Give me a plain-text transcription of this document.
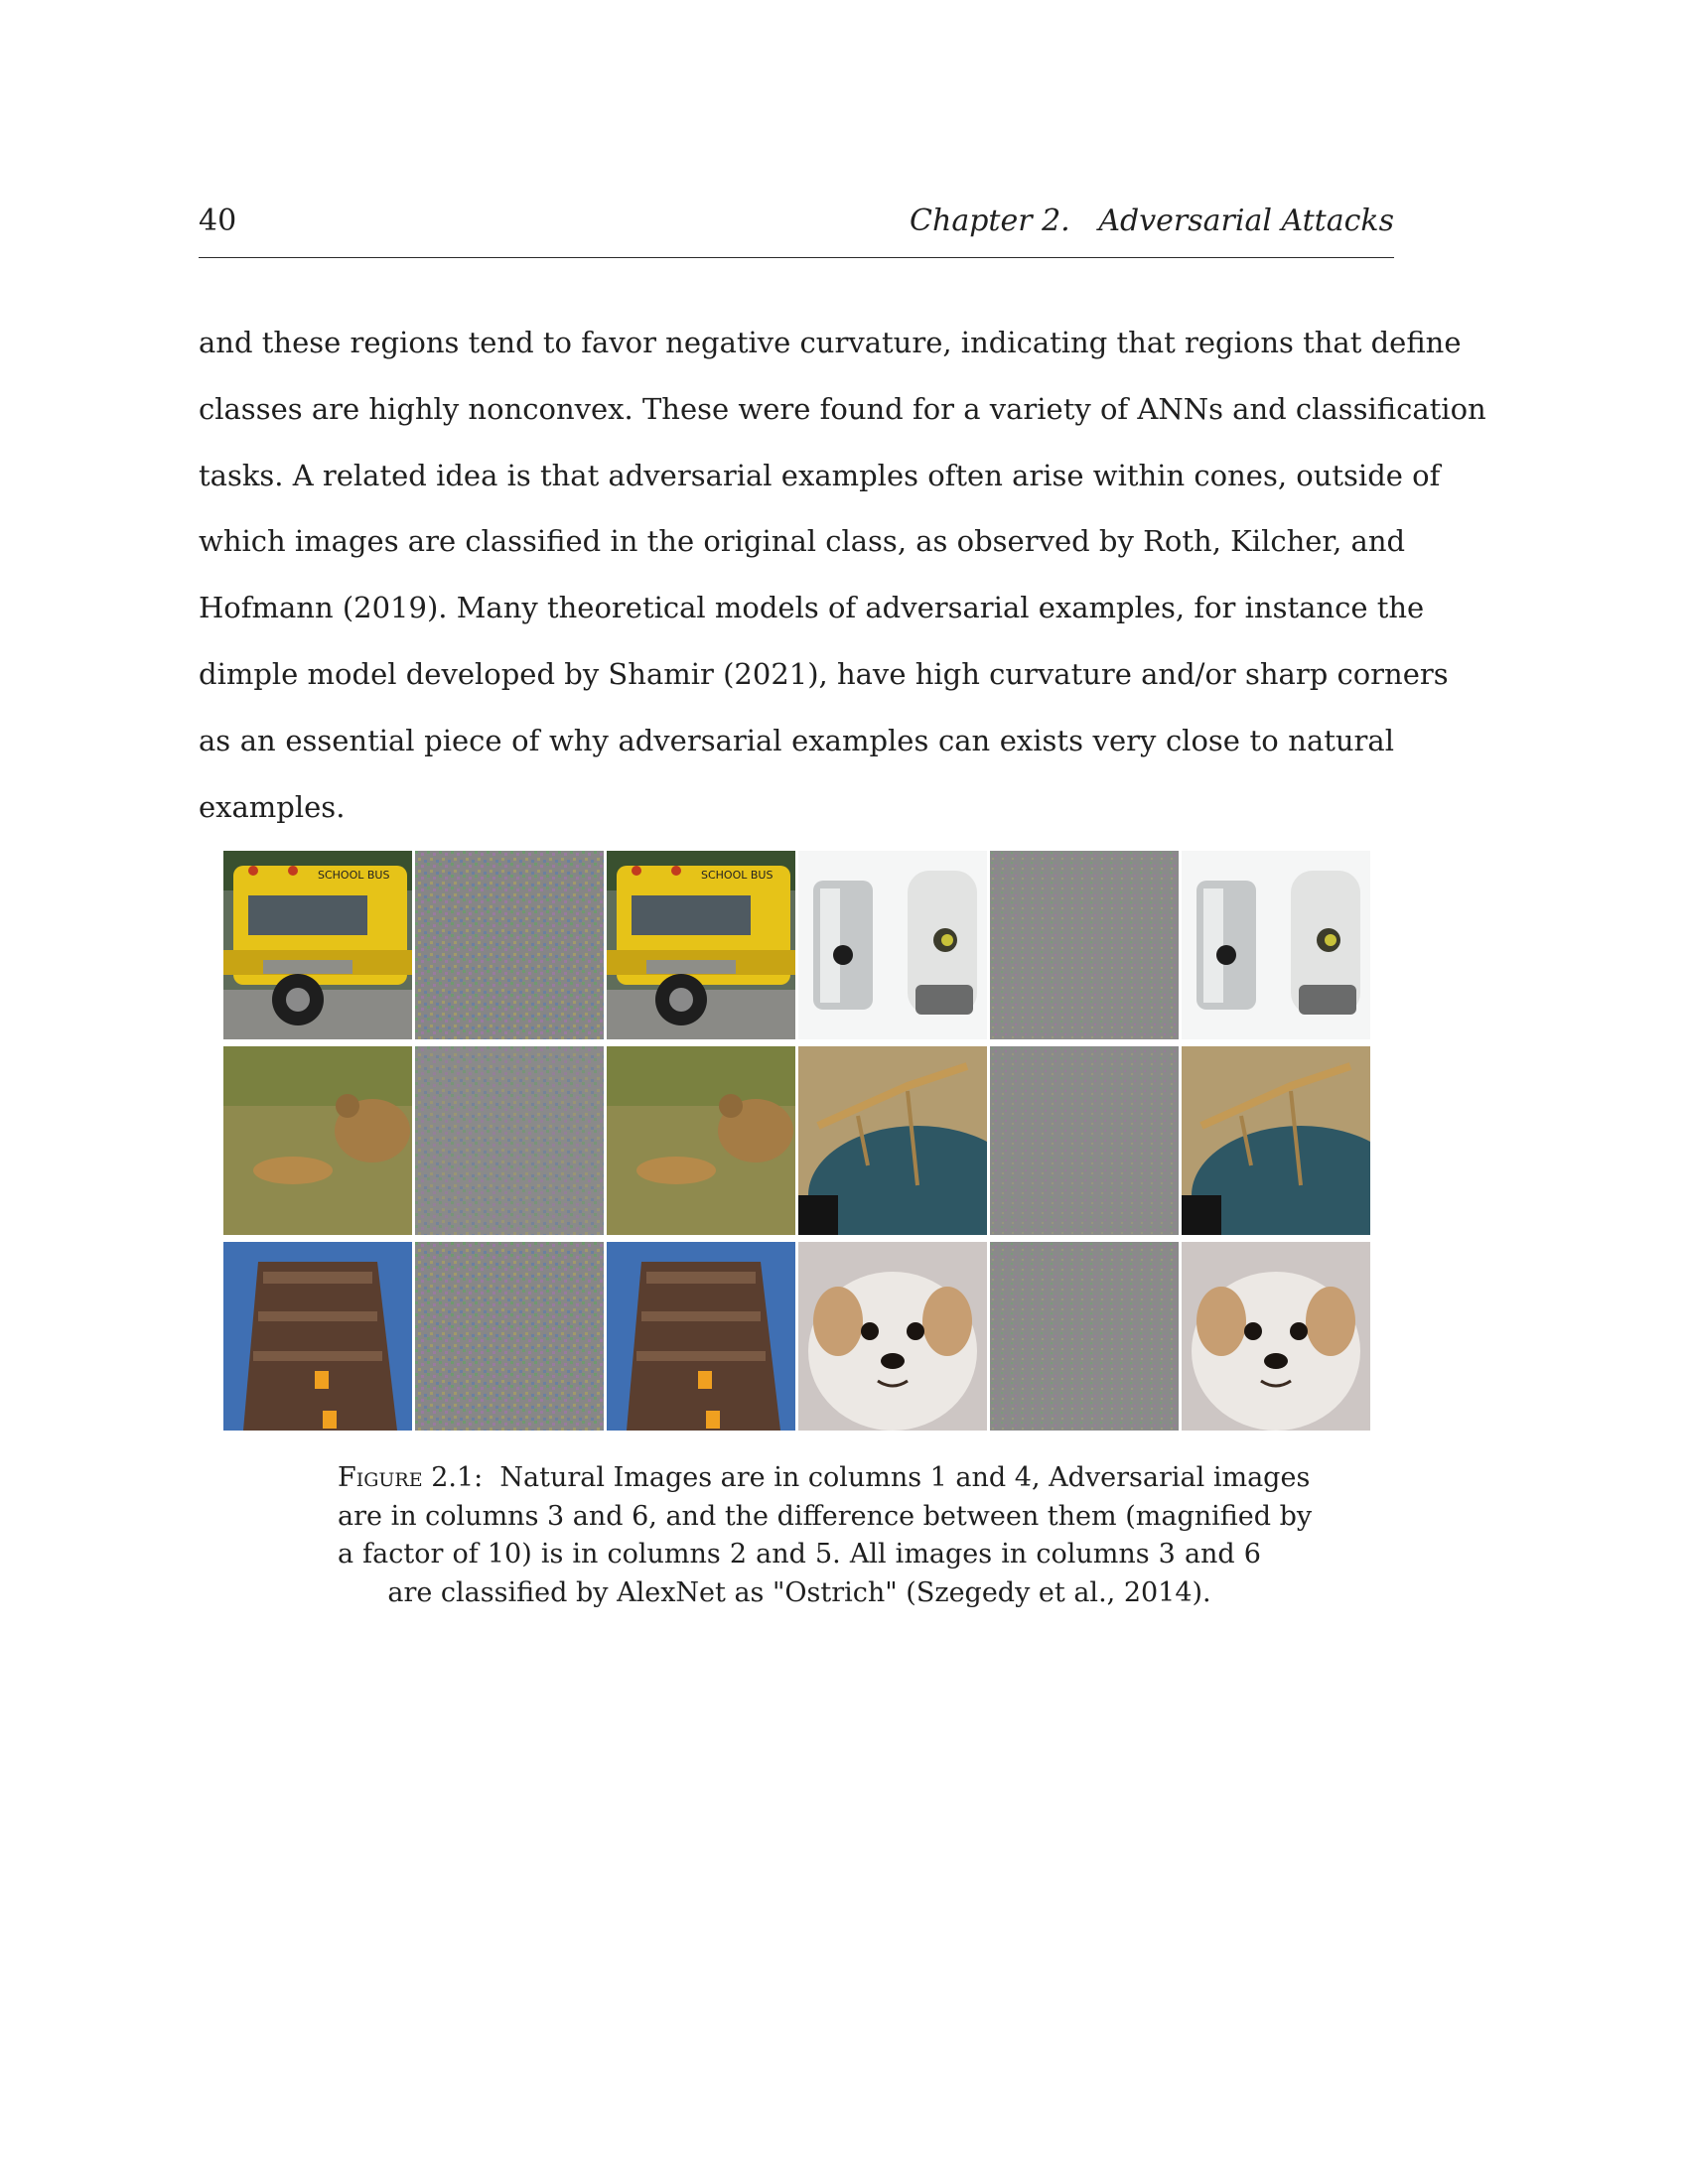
40	Chapter 2.   Adversarial Attacks
and these regions tend to favor negative curvature, indicating that regions that define
classes are highly nonconvex. These were found for a variety of ANNs and classification
tasks. A related idea is that adversarial examples often arise within cones, outside of
which images are classified in the original class, as observed by Roth, Kilcher, and
Hofmann (2019). Many theoretical models of adversarial examples, for instance the
dimple model developed by Shamir (2021), have high curvature and/or sharp corners
as an essential piece of why adversarial examples can exists very close to natural
examples.
SCHOOL BUS	SCHOOL BUS
Figure 2.1: Natural Images are in columns 1 and 4, Adversarial images
are in columns 3 and 6, and the difference between them (magnified by
a factor of 10) is in columns 2 and 5. All images in columns 3 and 6
are classified by AlexNet as "Ostrich" (Szegedy et al., 2014).
